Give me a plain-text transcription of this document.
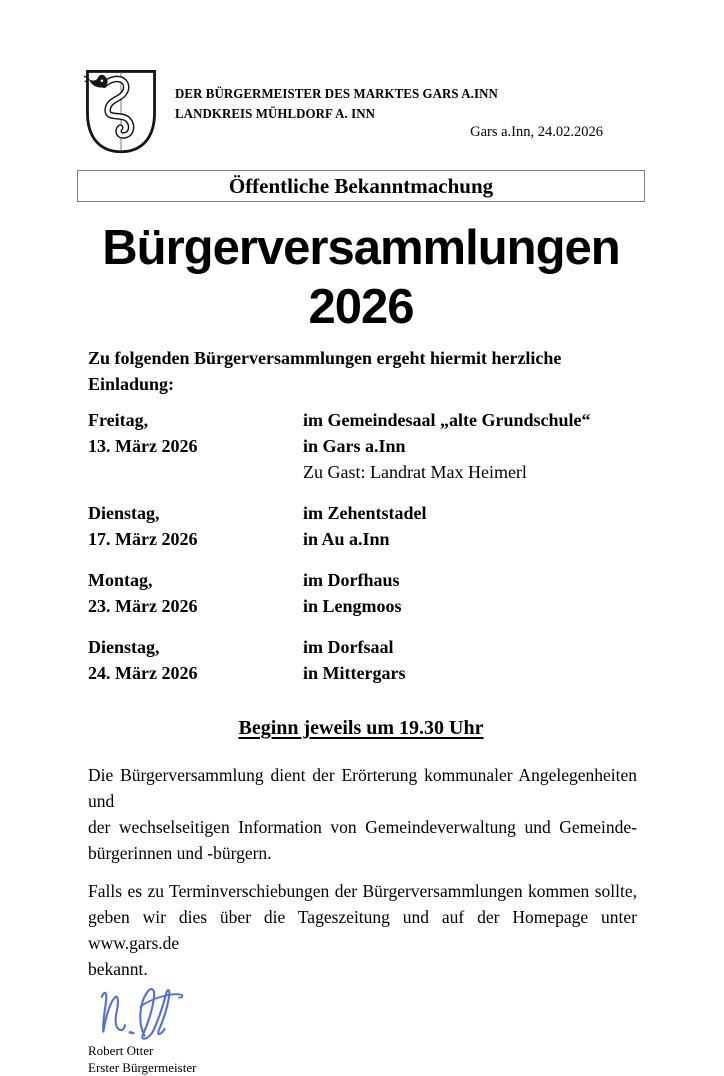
DER BÜRGERMEISTER DES MARKTES GARS A.INN
LANDKREIS MÜHLDORF A. INN
Gars a.Inn, 24.02.2026
Öffentliche Bekanntmachung
Bürgerversammlungen
2026

Zu folgenden Bürgerversammlungen ergeht hiermit herzliche Einladung:

Freitag,
13. März 2026
im Gemeindesaal „alte Grundschule“
in Gars a.Inn
Zu Gast: Landrat Max Heimerl
Dienstag,
17. März 2026
im Zehentstadel
in Au a.Inn
Montag,
23. März 2026
im Dorfhaus
in Lengmoos
Dienstag,
24. März 2026
im Dorfsaal
in Mittergars
Beginn jeweils um 19.30 Uhr
Die Bürgerversammlung dient der Erörterung kommunaler Angelegenheiten und
der wechselseitigen Information von Gemeindeverwaltung und Gemeinde-
bürgerinnen und -bürgern.
Falls es zu Terminverschiebungen der Bürgerversammlungen kommen sollte,
geben wir dies über die Tageszeitung und auf der Homepage unter www.gars.de
bekannt.
Robert Otter
Erster Bürgermeister
